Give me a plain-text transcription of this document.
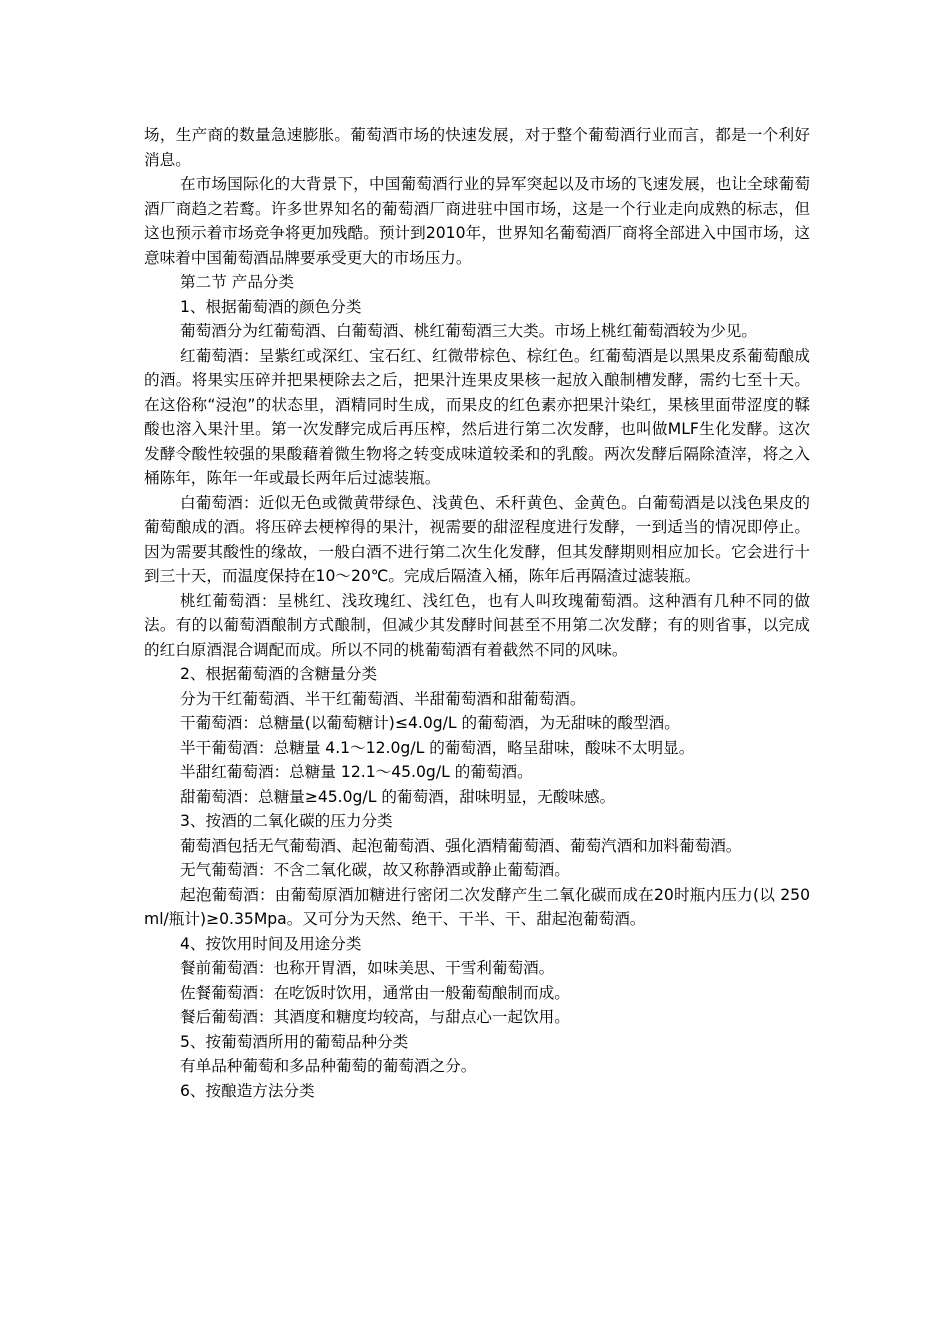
场，生产商的数量急速膨胀。葡萄酒市场的快速发展，对于整个葡萄酒行业而言，都是一个利好消息。

在市场国际化的大背景下，中国葡萄酒行业的异军突起以及市场的飞速发展，也让全球葡萄酒厂商趋之若鹜。许多世界知名的葡萄酒厂商进驻中国市场，这是一个行业走向成熟的标志，但这也预示着市场竞争将更加残酷。预计到2010年，世界知名葡萄酒厂商将全部进入中国市场，这意味着中国葡萄酒品牌要承受更大的市场压力。

第二节 产品分类

1、根据葡萄酒的颜色分类

葡萄酒分为红葡萄酒、白葡萄酒、桃红葡萄酒三大类。市场上桃红葡萄酒较为少见。

红葡萄酒：呈紫红或深红、宝石红、红微带棕色、棕红色。红葡萄酒是以黑果皮系葡萄酿成的酒。将果实压碎并把果梗除去之后，把果汁连果皮果核一起放入酿制槽发酵，需约七至十天。在这俗称“浸泡”的状态里，酒精同时生成，而果皮的红色素亦把果汁染红，果核里面带涩度的鞣酸也溶入果汁里。第一次发酵完成后再压榨，然后进行第二次发酵，也叫做MLF生化发酵。这次发酵令酸性较强的果酸藉着微生物将之转变成味道较柔和的乳酸。两次发酵后隔除渣滓，将之入桶陈年，陈年一年或最长两年后过滤装瓶。

白葡萄酒：近似无色或微黄带绿色、浅黄色、禾秆黄色、金黄色。白葡萄酒是以浅色果皮的葡萄酿成的酒。将压碎去梗榨得的果汁，视需要的甜涩程度进行发酵，一到适当的情况即停止。因为需要其酸性的缘故，一般白酒不进行第二次生化发酵，但其发酵期则相应加长。它会进行十到三十天，而温度保持在10～20℃。完成后隔渣入桶，陈年后再隔渣过滤装瓶。

桃红葡萄酒：呈桃红、浅玫瑰红、浅红色，也有人叫玫瑰葡萄酒。这种酒有几种不同的做法。有的以葡萄酒酿制方式酿制，但减少其发酵时间甚至不用第二次发酵；有的则省事，以完成的红白原酒混合调配而成。所以不同的桃葡萄酒有着截然不同的风味。

2、根据葡萄酒的含糖量分类

分为干红葡萄酒、半干红葡萄酒、半甜葡萄酒和甜葡萄酒。

干葡萄酒：总糖量(以葡萄糖计)≤4.0g/L 的葡萄酒，为无甜味的酸型酒。

半干葡萄酒：总糖量 4.1～12.0g/L 的葡萄酒，略呈甜味，酸味不太明显。

半甜红葡萄酒：总糖量 12.1～45.0g/L 的葡萄酒。

甜葡萄酒：总糖量≥45.0g/L 的葡萄酒，甜味明显，无酸味感。

3、按酒的二氧化碳的压力分类

葡萄酒包括无气葡萄酒、起泡葡萄酒、强化酒精葡萄酒、葡萄汽酒和加料葡萄酒。

无气葡萄酒：不含二氧化碳，故又称静酒或静止葡萄酒。

起泡葡萄酒：由葡萄原酒加糖进行密闭二次发酵产生二氧化碳而成在20时瓶内压力(以 250ml/瓶计)≥0.35Mpa。又可分为天然、绝干、干半、干、甜起泡葡萄酒。

4、按饮用时间及用途分类

餐前葡萄酒：也称开胃酒，如味美思、干雪利葡萄酒。

佐餐葡萄酒：在吃饭时饮用，通常由一般葡萄酿制而成。

餐后葡萄酒：其酒度和糖度均较高，与甜点心一起饮用。

5、按葡萄酒所用的葡萄品种分类

有单品种葡萄和多品种葡萄的葡萄酒之分。

6、按酿造方法分类
